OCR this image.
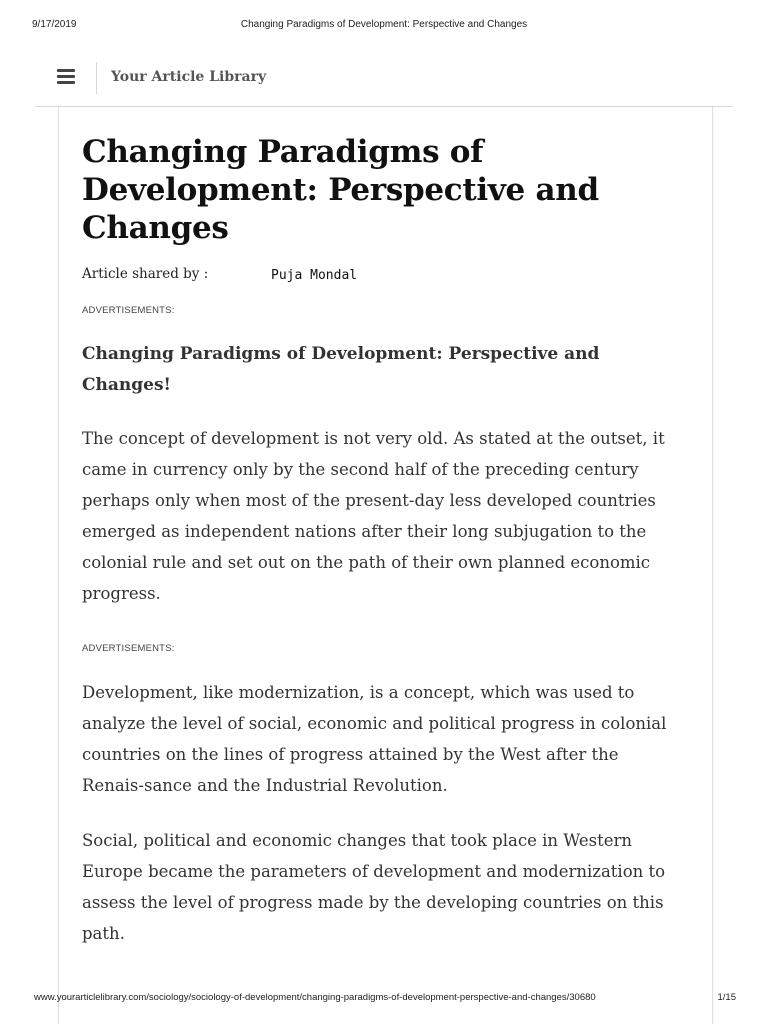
9/17/2019	Changing Paradigms of Development: Perspective and Changes
Your Article Library
Changing Paradigms of Development: Perspective and Changes
Article shared by :	Puja Mondal
ADVERTISEMENTS:
Changing Paradigms of Development: Perspective and Changes!

The concept of development is not very old. As stated at the outset, it came in currency only by the second half of the preceding century perhaps only when most of the present-day less developed countries emerged as independent nations after their long subjugation to the colonial rule and set out on the path of their own planned economic progress.

ADVERTISEMENTS:

Development, like modernization, is a concept, which was used to analyze the level of social, economic and political progress in colonial countries on the lines of progress attained by the West after the Renais-sance and the Industrial Revolution.

Social, political and economic changes that took place in Western Europe became the parameters of development and modernization to assess the level of progress made by the developing countries on this path.

www.yourarticlelibrary.com/sociology/sociology-of-development/changing-paradigms-of-development-perspective-and-changes/30680	1/15
